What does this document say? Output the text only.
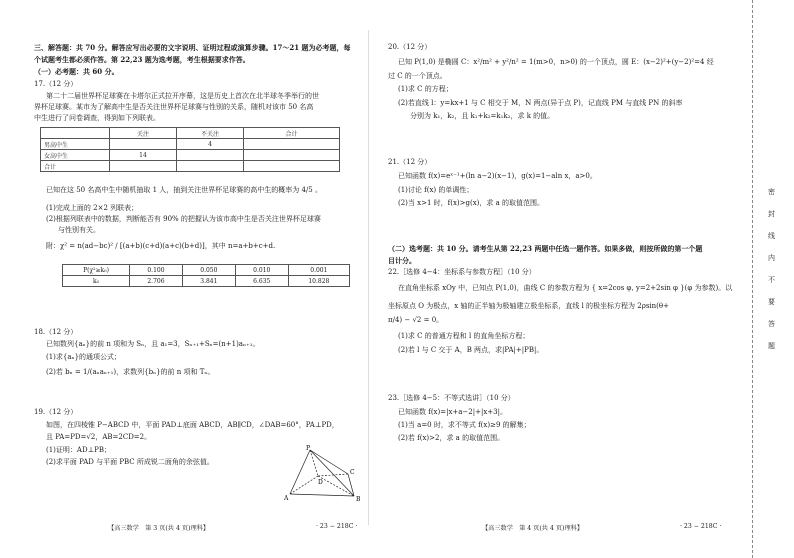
三、解答题：共 70 分。解答应写出必要的文字说明、证明过程或演算步骤。17～21 题为必考题，每
个试题考生都必须作答。第 22,23 题为选考题，考生根据要求作答。
（一）必考题：共 60 分。
17.（12 分）
第二十二届世界杯足球赛在卡塔尔正式拉开序幕，这是历史上首次在北半球冬季举行的世
界杯足球赛。某市为了解高中生是否关注世界杯足球赛与性别的关系，随机对该市 50 名高
中生进行了问卷调查，得到如下列联表。
	关注	不关注	合计
男高中生		4	
女高中生	14		
合计			
已知在这 50 名高中生中随机抽取 1 人，抽到关注世界杯足球赛的高中生的概率为 4/5 。
(1)完成上面的 2×2 列联表；
(2)根据列联表中的数据，判断能否有 90% 的把握认为该市高中生是否关注世界杯足球赛
与性别有关。
附：χ² = n(ad−bc)² / [(a+b)(c+d)(a+c)(b+d)]，其中 n=a+b+c+d.
P(χ²≥k₀)	0.100	0.050	0.010	0.001
k₀	2.706	3.841	6.635	10.828
18.（12 分）
已知数列{aₙ}的前 n 项和为 Sₙ，且 a₁=3，Sₙ₊₁+Sₙ=(n+1)aₙ₊₁。
(1)求{aₙ}的通项公式；
(2)若 bₙ = 1/(aₙaₙ₊₁)，求数列{bₙ}的前 n 项和 Tₙ。
19.（12 分）
如图，在四棱锥 P−ABCD 中，平面 PAD⊥底面 ABCD，AB∥CD，∠DAB=60°，PA⊥PD，
且 PA=PD=√2，AB=2CD=2。
(1)证明：AD⊥PB；
(2)求平面 PAD 与平面 PBC 所成锐二面角的余弦值。
P
A	B
C
D
【高三数学　第 3 页(共 4 页)理科】	· 23 − 218C ·
20.（12 分）
已知 P(1,0) 是椭圆 C：x²/m² + y²/n² = 1(m>0，n>0) 的一个顶点，圆 E：(x−2)²+(y−2)²=4 经
过 C 的一个顶点。
(1)求 C 的方程；
(2)若直线 l：y=kx+1 与 C 相交于 M，N 两点(异于点 P)，记直线 PM 与直线 PN 的斜率
分别为 k₁，k₂，且 k₁+k₂=k₁k₂，求 k 的值。
21.（12 分）
已知函数 f(x)=eˣ⁻¹+(ln a−2)(x−1)，g(x)=1−aln x，a>0。
(1)讨论 f(x) 的单调性；
(2)当 x>1 时，f(x)>g(x)，求 a 的取值范围。
（二）选考题：共 10 分。请考生从第 22,23 两题中任选一题作答。如果多做，则按所做的第一个题
目计分。
22.［选修 4−4：坐标系与参数方程］（10 分）
在直角坐标系 xOy 中，已知点 P(1,0)，曲线 C 的参数方程为 { x=2cos φ, y=2+2sin φ }(φ 为参数)。以
坐标原点 O 为极点，x 轴的正半轴为极轴建立极坐标系，直线 l 的极坐标方程为 2ρsin(θ+
π/4) − √2 = 0。
(1)求 C 的普通方程和 l 的直角坐标方程；
(2)若 l 与 C 交于 A，B 两点，求|PA|+|PB|。
23.［选修 4−5：不等式选讲］（10 分）
已知函数 f(x)=|x+a−2|+|x+3|。
(1)当 a=0 时，求不等式 f(x)≥9 的解集；
(2)若 f(x)>2，求 a 的取值范围。
【高三数学　第 4 页(共 4 页)理科】	· 23 − 218C ·
密
封
线
内
不
要
答
题
